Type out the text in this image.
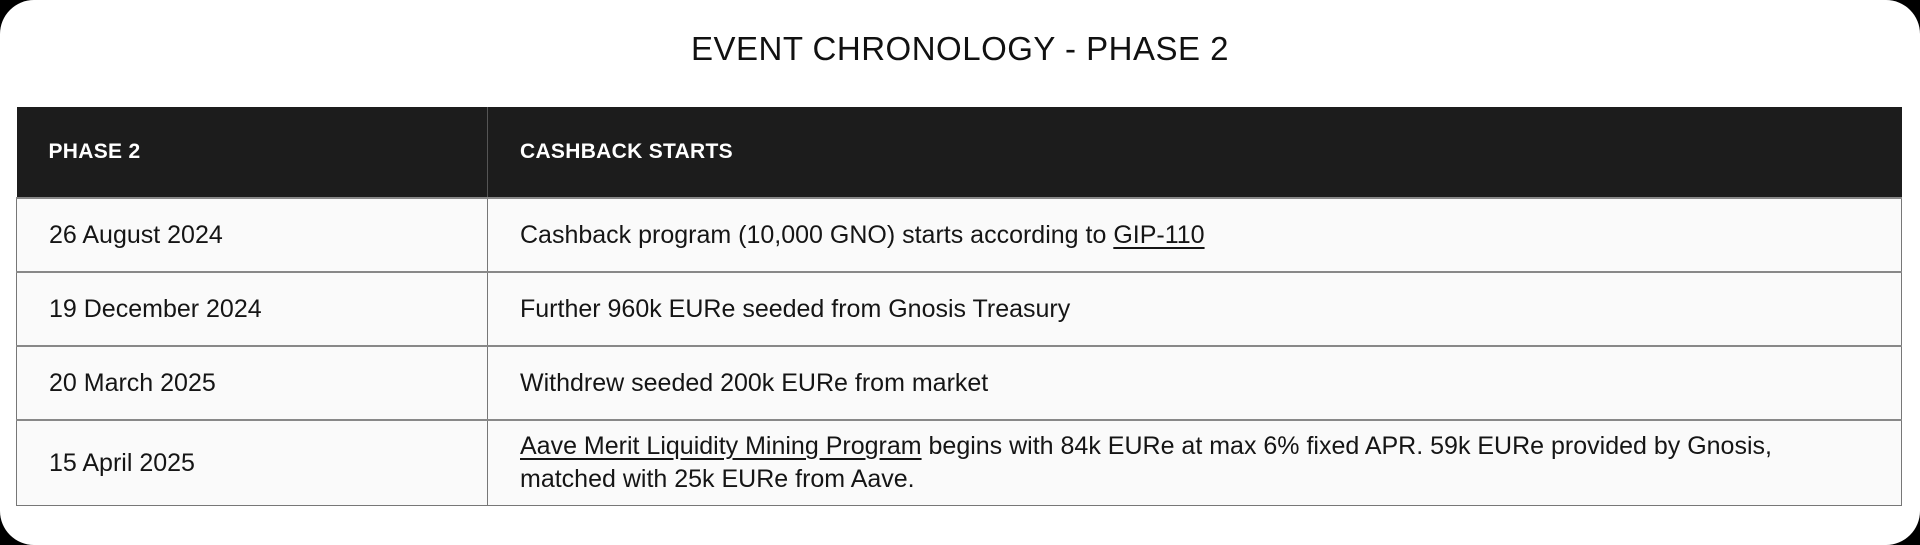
EVENT CHRONOLOGY - PHASE 2
PHASE 2	CASHBACK STARTS
26 August 2024	Cashback program (10,000 GNO) starts according to GIP-110
19 December 2024	Further 960k EURe seeded from Gnosis Treasury
20 March 2025	Withdrew seeded 200k EURe from market
15 April 2025	Aave Merit Liquidity Mining Program begins with 84k EURe at max 6% fixed APR. 59k EURe provided by Gnosis, matched with 25k EURe from Aave.
